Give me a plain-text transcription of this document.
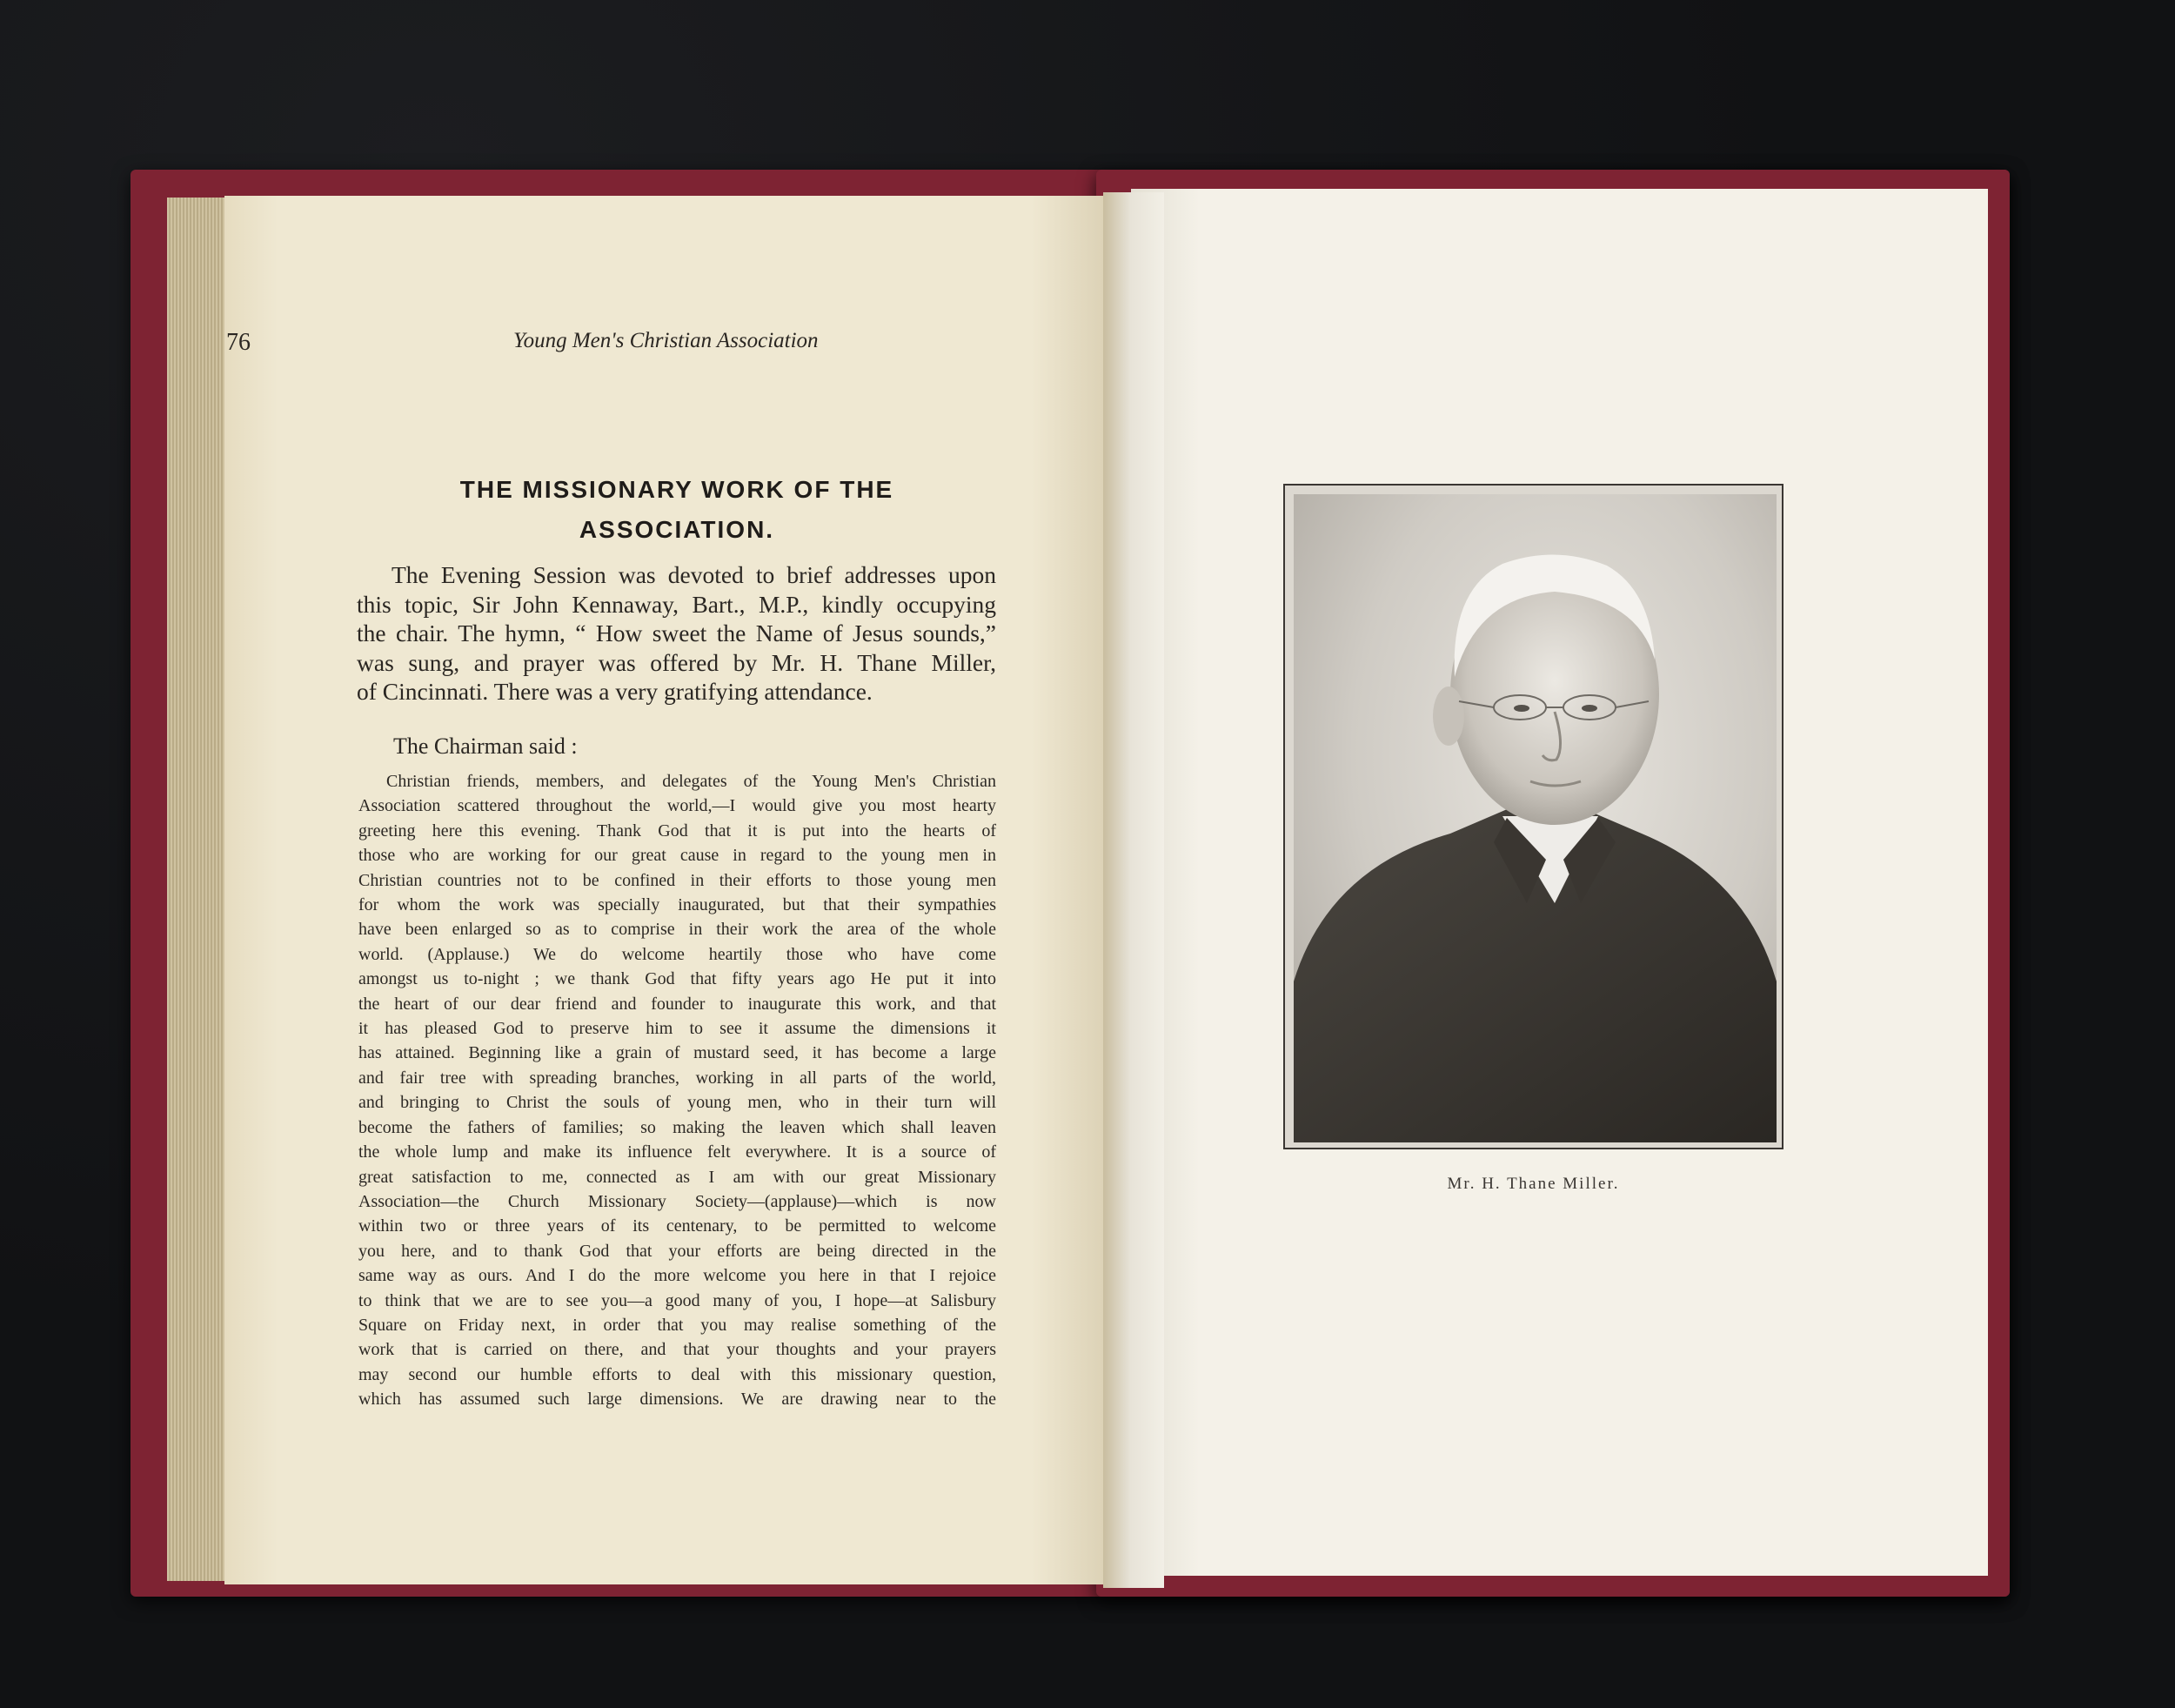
76	Young Men's Christian Association
THE MISSIONARY WORK OF THE
ASSOCIATION.
The Evening Session was devoted to brief addresses upon
this topic, Sir John Kennaway, Bart., M.P., kindly occupying
the chair. The hymn, “ How sweet the Name of Jesus sounds,”
was sung, and prayer was offered by Mr. H. Thane Miller,
of Cincinnati. There was a very gratifying attendance.
The Chairman said :
Christian friends, members, and delegates of the Young Men's Christian
Association scattered throughout the world,—I would give you most hearty
greeting here this evening. Thank God that it is put into the hearts of
those who are working for our great cause in regard to the young men in
Christian countries not to be confined in their efforts to those young men
for whom the work was specially inaugurated, but that their sympathies
have been enlarged so as to comprise in their work the area of the whole
world. (Applause.) We do welcome heartily those who have come
amongst us to-night ; we thank God that fifty years ago He put it into
the heart of our dear friend and founder to inaugurate this work, and that
it has pleased God to preserve him to see it assume the dimensions it
has attained. Beginning like a grain of mustard seed, it has become a large
and fair tree with spreading branches, working in all parts of the world,
and bringing to Christ the souls of young men, who in their turn will
become the fathers of families; so making the leaven which shall leaven
the whole lump and make its influence felt everywhere. It is a source of
great satisfaction to me, connected as I am with our great Missionary
Association—the Church Missionary Society—(applause)—which is now
within two or three years of its centenary, to be permitted to welcome
you here, and to thank God that your efforts are being directed in the
same way as ours. And I do the more welcome you here in that I rejoice
to think that we are to see you—a good many of you, I hope—at Salisbury
Square on Friday next, in order that you may realise something of the
work that is carried on there, and that your thoughts and your prayers
may second our humble efforts to deal with this missionary question,
which has assumed such large dimensions. We are drawing near to the
Mr. H. Thane Miller.
